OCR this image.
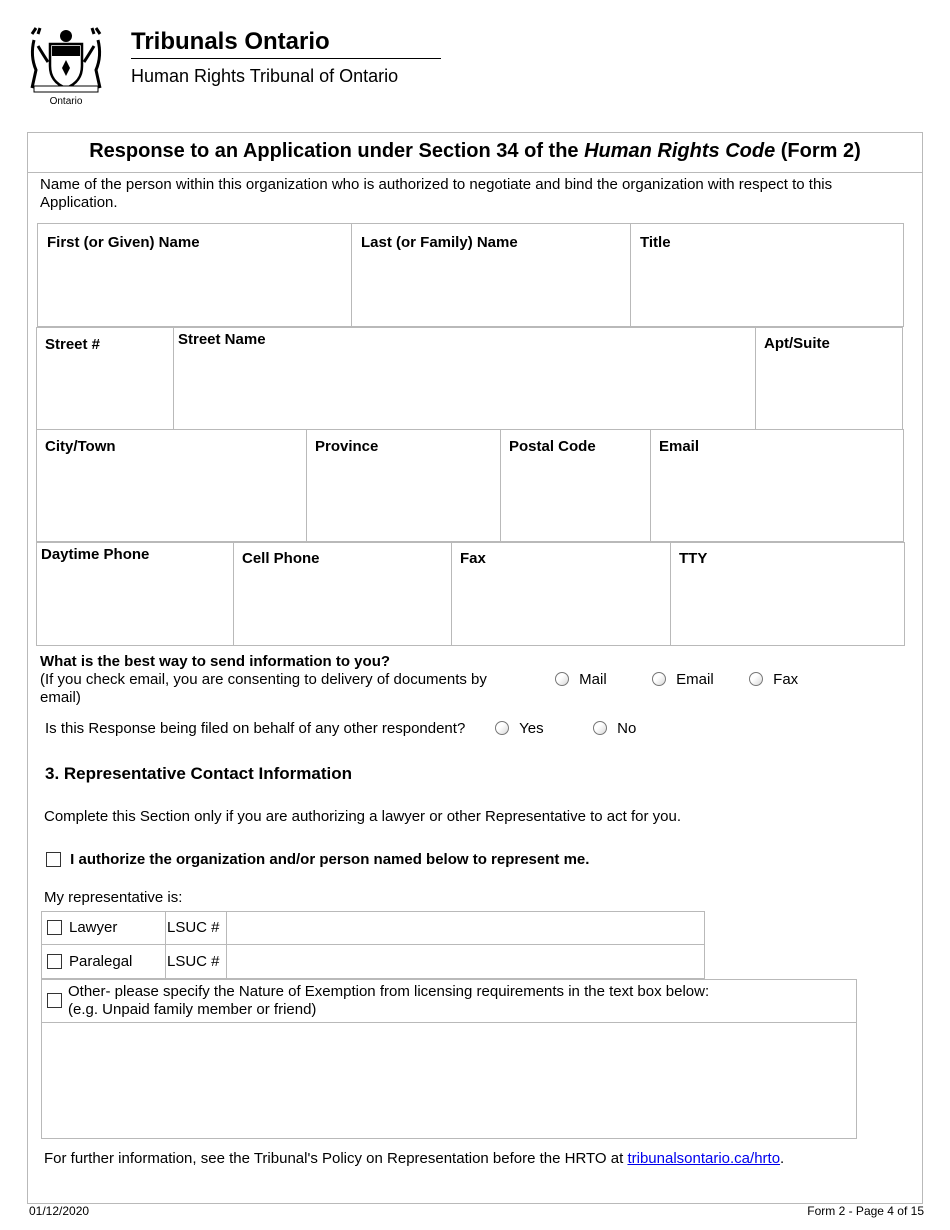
Ontario
Tribunals Ontario
Human Rights Tribunal of Ontario
Response to an Application under Section 34 of the Human Rights Code (Form 2)
Name of the person within this organization who is authorized to negotiate and bind the organization with respect to this Application.
First (or Given) Name	Last (or Family) Name	Title
Street #	Street Name	Apt/Suite
City/Town	Province	Postal Code	Email
Daytime Phone	Cell Phone	Fax	TTY
What is the best way to send information to you?
(If you check email, you are consenting to delivery of documents by email)
Mail	Email	Fax
Is this Response being filed on behalf of any other respondent?	Yes	No
3. Representative Contact Information
Complete this Section only if you are authorizing a lawyer or other Representative to act for you.
I authorize the organization and/or person named below to represent me.
My representative is:
Lawyer	LSUC #
Paralegal LSUC #
Other- please specify the Nature of Exemption from licensing requirements in the text box below:
(e.g. Unpaid family member or friend)
For further information, see the Tribunal's Policy on Representation before the HRTO at tribunalsontario.ca/hrto.
01/12/2020	Form 2 - Page 4 of 15
